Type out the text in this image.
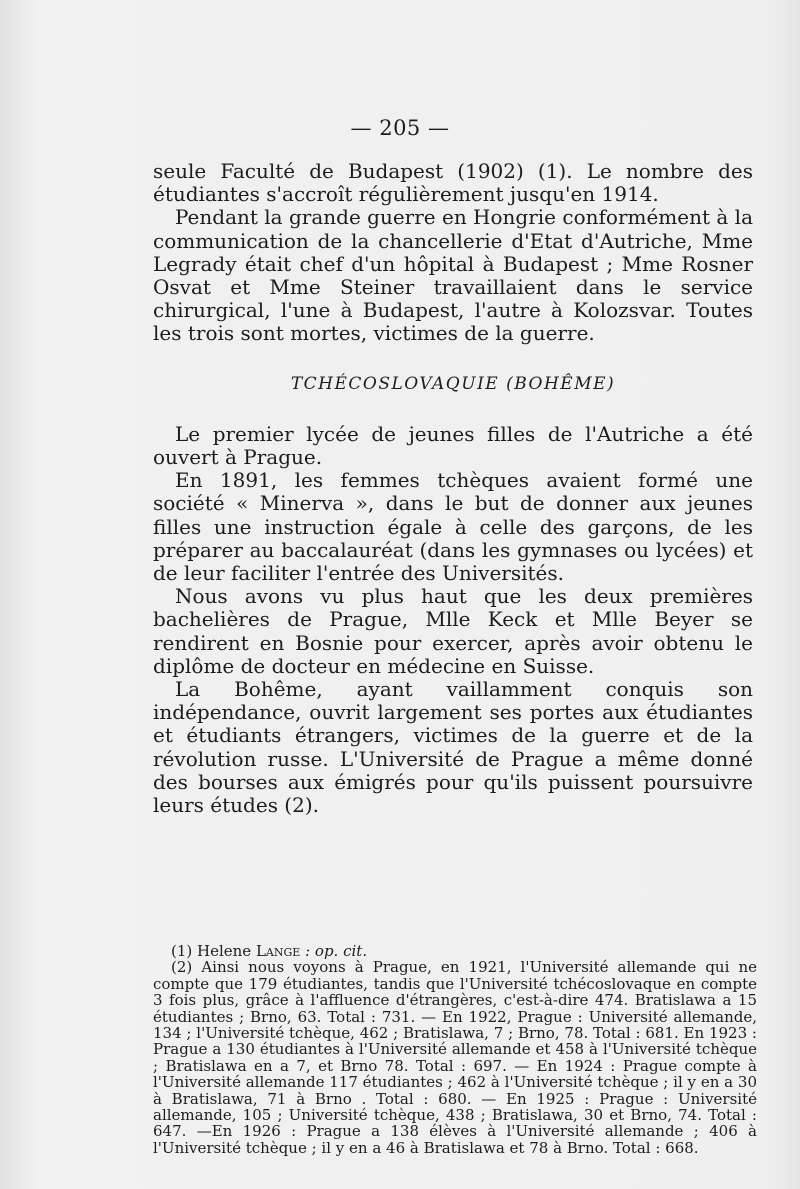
— 205 —

seule Faculté de Budapest (1902) (1). Le nombre des étudiantes s'accroît régulièrement jusqu'en 1914.

Pendant la grande guerre en Hongrie conformément à la communication de la chancellerie d'Etat d'Autriche, Mme Legrady était chef d'un hôpital à Budapest ; Mme Rosner Osvat et Mme Steiner travaillaient dans le service chirurgical, l'une à Budapest, l'autre à Kolozsvar. Toutes les trois sont mortes, victimes de la guerre.

TCHÉCOSLOVAQUIE (BOHÊME)

Le premier lycée de jeunes filles de l'Autriche a été ouvert à Prague.

En 1891, les femmes tchèques avaient formé une société « Minerva », dans le but de donner aux jeunes filles une instruction égale à celle des garçons, de les préparer au baccalauréat (dans les gymnases ou lycées) et de leur faciliter l'entrée des Universités.

Nous avons vu plus haut que les deux premières bachelières de Prague, Mlle Keck et Mlle Beyer se rendirent en Bosnie pour exercer, après avoir obtenu le diplôme de docteur en médecine en Suisse.

La Bohême, ayant vaillamment conquis son indépendance, ouvrit largement ses portes aux étudiantes et étudiants étrangers, victimes de la guerre et de la révolution russe. L'Université de Prague a même donné des bourses aux émigrés pour qu'ils puissent poursuivre leurs études (2).

(1) Helene Lange : op. cit.

(2) Ainsi nous voyons à Prague, en 1921, l'Université allemande qui ne compte que 179 étudiantes, tandis que l'Université tchécoslovaque en compte 3 fois plus, grâce à l'affluence d'étrangères, c'est-à-dire 474. Bratislawa a 15 étudiantes ; Brno, 63. Total : 731. — En 1922, Prague : Université allemande, 134 ; l'Université tchèque, 462 ; Bratislawa, 7 ; Brno, 78. Total : 681. En 1923 : Prague a 130 étudiantes à l'Université allemande et 458 à l'Université tchèque ; Bratislawa en a 7, et Brno 78. Total : 697. — En 1924 : Prague compte à l'Université allemande 117 étudiantes ; 462 à l'Université tchèque ; il y en a 30 à Bratislawa, 71 à Brno . Total : 680. — En 1925 : Prague : Université allemande, 105 ; Université tchèque, 438 ; Bratislawa, 30 et Brno, 74. Total : 647. —En 1926 : Prague a 138 élèves à l'Université allemande ; 406 à l'Université tchèque ; il y en a 46 à Bratislawa et 78 à Brno. Total : 668.
